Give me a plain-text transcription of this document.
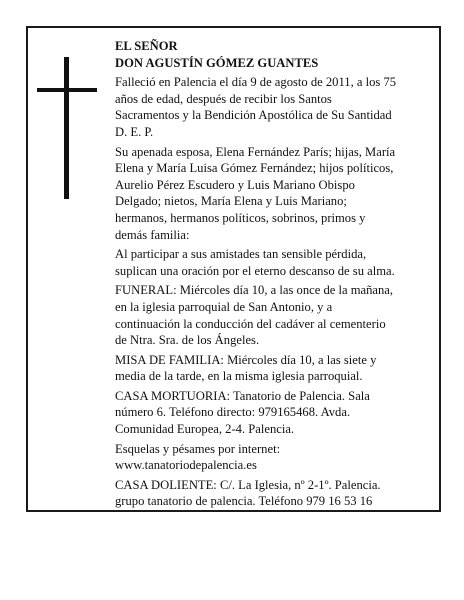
EL SEÑOR
DON AGUSTÍN GÓMEZ GUANTES
Falleció en Palencia el día 9 de agosto de 2011, a los 75
años de edad, después de recibir los Santos
Sacramentos y la Bendición Apostólica de Su Santidad
D. E. P.
Su apenada esposa, Elena Fernández París; hijas, María
Elena y María Luisa Gómez Fernández; hijos políticos,
Aurelio Pérez Escudero y Luis Mariano Obispo
Delgado; nietos, María Elena y Luis Mariano;
hermanos, hermanos políticos, sobrinos, primos y
demás familia:
Al participar a sus amistades tan sensible pérdida,
suplican una oración por el eterno descanso de su alma.
FUNERAL: Miércoles día 10, a las once de la mañana,
en la iglesia parroquial de San Antonio, y a
continuación la conducción del cadáver al cementerio
de Ntra. Sra. de los Ángeles.
MISA DE FAMILIA: Miércoles día 10, a las siete y
media de la tarde, en la misma iglesia parroquial.
CASA MORTUORIA: Tanatorio de Palencia. Sala
número 6. Teléfono directo: 979165468. Avda.
Comunidad Europea, 2-4. Palencia.
Esquelas y pésames por internet:
www.tanatoriodepalencia.es
CASA DOLIENTE: C/. La Iglesia, nº 2-1º. Palencia.
grupo tanatorio de palencia. Teléfono 979 16 53 16
